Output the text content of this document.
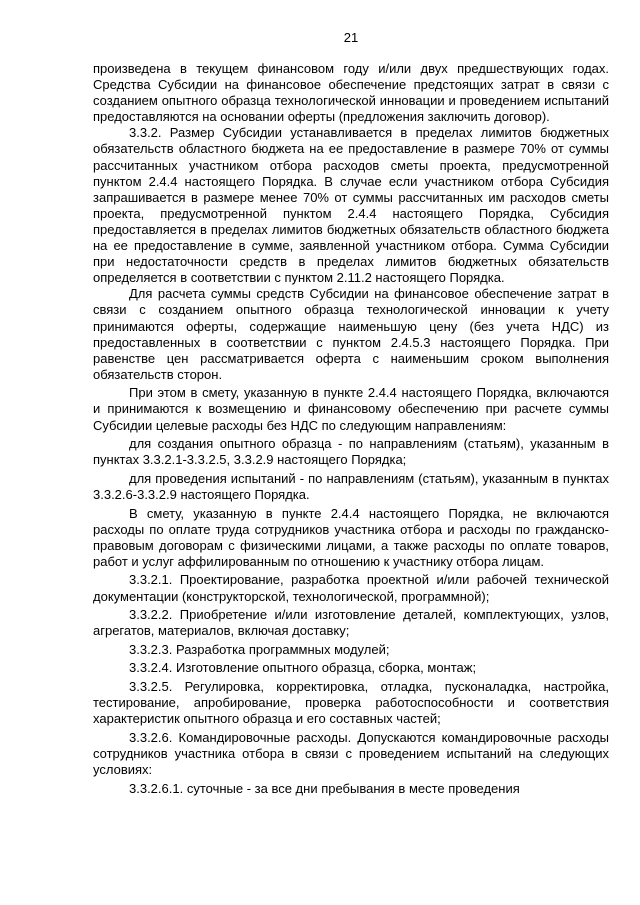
21

произведена в текущем финансовом году и/или двух предшествующих годах. Средства Субсидии на финансовое обеспечение предстоящих затрат в связи с созданием опытного образца технологической инновации и проведением испытаний предоставляются на основании оферты (предложения заключить договор).

3.3.2. Размер Субсидии устанавливается в пределах лимитов бюджетных обязательств областного бюджета на ее предоставление в размере 70% от суммы рассчитанных участником отбора расходов сметы проекта, предусмотренной пунктом 2.4.4 настоящего Порядка. В случае если участником отбора Субсидия запрашивается в размере менее 70% от суммы рассчитанных им расходов сметы проекта, предусмотренной пунктом 2.4.4 настоящего Порядка, Субсидия предоставляется в пределах лимитов бюджетных обязательств областного бюджета на ее предоставление в сумме, заявленной участником отбора. Сумма Субсидии при недостаточности средств в пределах лимитов бюджетных обязательств определяется в соответствии с пунктом 2.11.2 настоящего Порядка.

Для расчета суммы средств Субсидии на финансовое обеспечение затрат в связи с созданием опытного образца технологической инновации к учету принимаются оферты, содержащие наименьшую цену (без учета НДС) из предоставленных в соответствии с пунктом 2.4.5.3 настоящего Порядка. При равенстве цен рассматривается оферта с наименьшим сроком выполнения обязательств сторон.

При этом в смету, указанную в пункте 2.4.4 настоящего Порядка, включаются и принимаются к возмещению и финансовому обеспечению при расчете суммы Субсидии целевые расходы без НДС по следующим направлениям:

для создания опытного образца - по направлениям (статьям), указанным в пунктах 3.3.2.1-3.3.2.5, 3.3.2.9 настоящего Порядка;

для проведения испытаний - по направлениям (статьям), указанным в пунктах 3.3.2.6-3.3.2.9 настоящего Порядка.

В смету, указанную в пункте 2.4.4 настоящего Порядка, не включаются расходы по оплате труда сотрудников участника отбора и расходы по гражданско-правовым договорам с физическими лицами, а также расходы по оплате товаров, работ и услуг аффилированным по отношению к участнику отбора лицам.

3.3.2.1. Проектирование, разработка проектной и/или рабочей технической документации (конструкторской, технологической, программной);

3.3.2.2. Приобретение и/или изготовление деталей, комплектующих, узлов, агрегатов, материалов, включая доставку;

3.3.2.3. Разработка программных модулей;

3.3.2.4. Изготовление опытного образца, сборка, монтаж;

3.3.2.5. Регулировка, корректировка, отладка, пусконаладка, настройка, тестирование, апробирование, проверка работоспособности и соответствия характеристик опытного образца и его составных частей;

3.3.2.6. Командировочные расходы. Допускаются командировочные расходы сотрудников участника отбора в связи с проведением испытаний на следующих условиях:

3.3.2.6.1. суточные - за все дни пребывания в месте проведения
